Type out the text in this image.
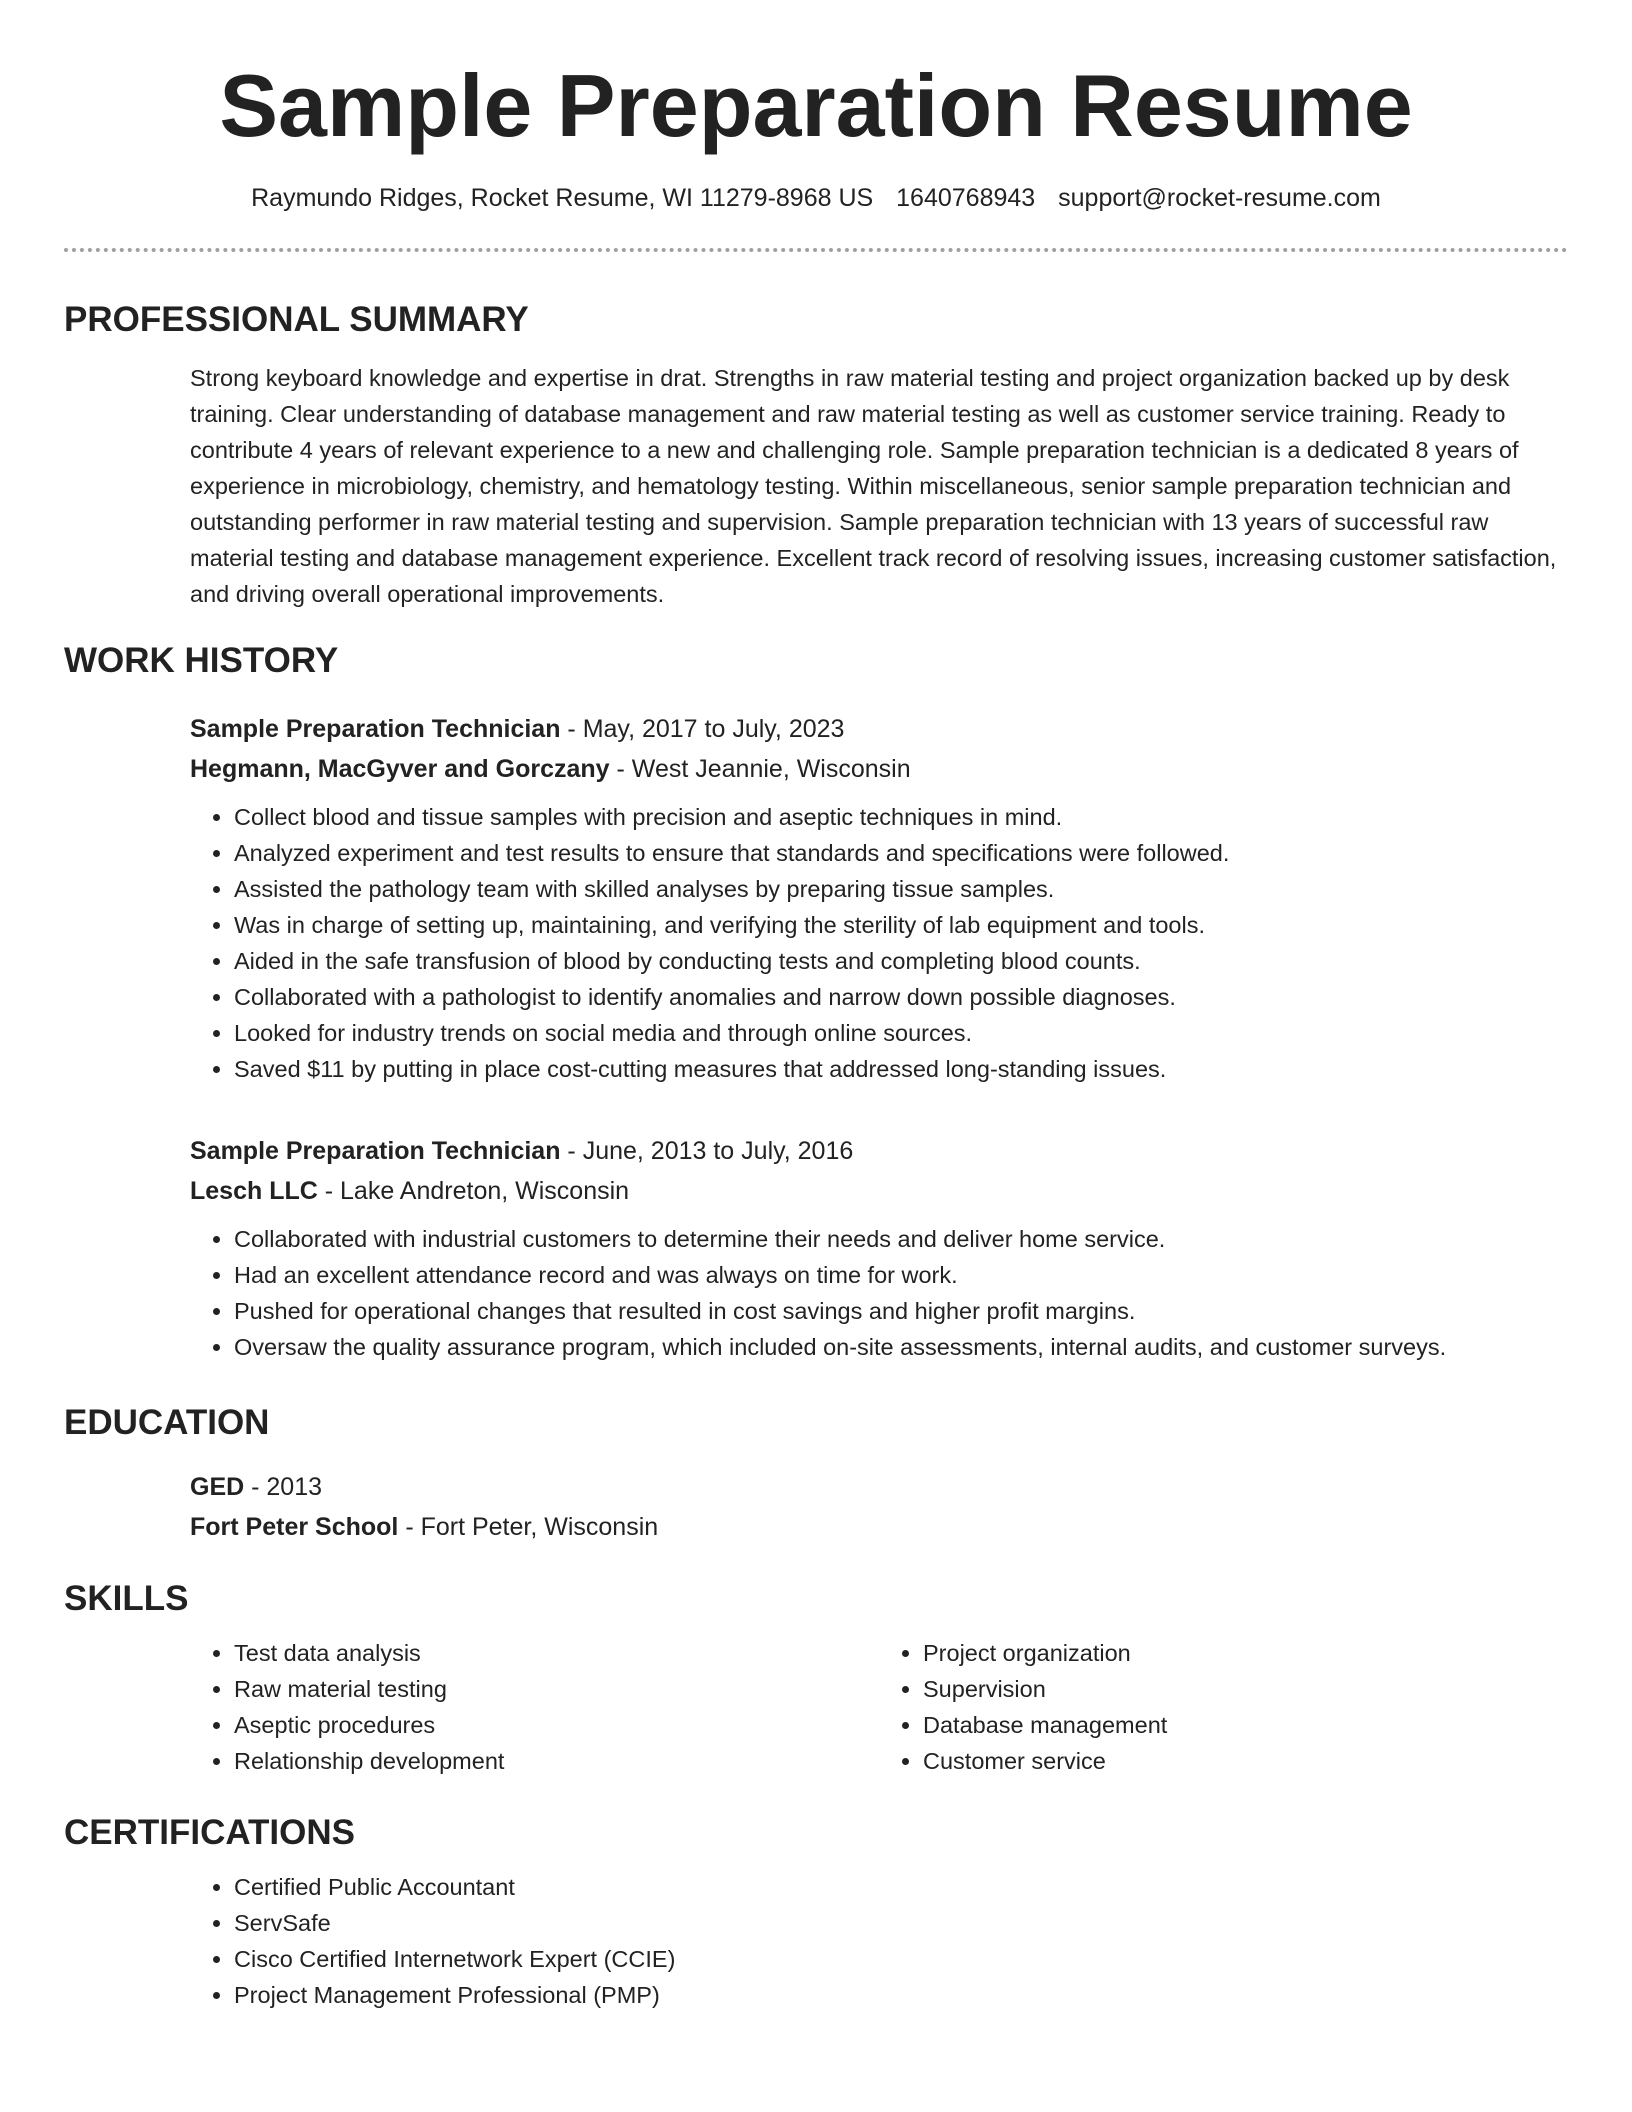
Sample Preparation Resume
Raymundo Ridges, Rocket Resume, WI 11279-8968 US 1640768943 support@rocket-resume.com
PROFESSIONAL SUMMARY
Strong keyboard knowledge and expertise in drat. Strengths in raw material testing and project organization backed up by desk training. Clear understanding of database management and raw material testing as well as customer service training. Ready to contribute 4 years of relevant experience to a new and challenging role. Sample preparation technician is a dedicated 8 years of experience in microbiology, chemistry, and hematology testing. Within miscellaneous, senior sample preparation technician and outstanding performer in raw material testing and supervision. Sample preparation technician with 13 years of successful raw material testing and database management experience. Excellent track record of resolving issues, increasing customer satisfaction, and driving overall operational improvements.
WORK HISTORY
Sample Preparation Technician - May, 2017 to July, 2023
Hegmann, MacGyver and Gorczany - West Jeannie, Wisconsin
• Collect blood and tissue samples with precision and aseptic techniques in mind.
• Analyzed experiment and test results to ensure that standards and specifications were followed.
• Assisted the pathology team with skilled analyses by preparing tissue samples.
• Was in charge of setting up, maintaining, and verifying the sterility of lab equipment and tools.
• Aided in the safe transfusion of blood by conducting tests and completing blood counts.
• Collaborated with a pathologist to identify anomalies and narrow down possible diagnoses.
• Looked for industry trends on social media and through online sources.
• Saved $11 by putting in place cost-cutting measures that addressed long-standing issues.
Sample Preparation Technician - June, 2013 to July, 2016
Lesch LLC - Lake Andreton, Wisconsin
• Collaborated with industrial customers to determine their needs and deliver home service.
• Had an excellent attendance record and was always on time for work.
• Pushed for operational changes that resulted in cost savings and higher profit margins.
• Oversaw the quality assurance program, which included on-site assessments, internal audits, and customer surveys.
EDUCATION
GED - 2013
Fort Peter School - Fort Peter, Wisconsin
SKILLS
• Test data analysis
• Raw material testing
• Aseptic procedures
• Relationship development
• Project organization
• Supervision
• Database management
• Customer service
CERTIFICATIONS
• Certified Public Accountant
• ServSafe
• Cisco Certified Internetwork Expert (CCIE)
• Project Management Professional (PMP)
